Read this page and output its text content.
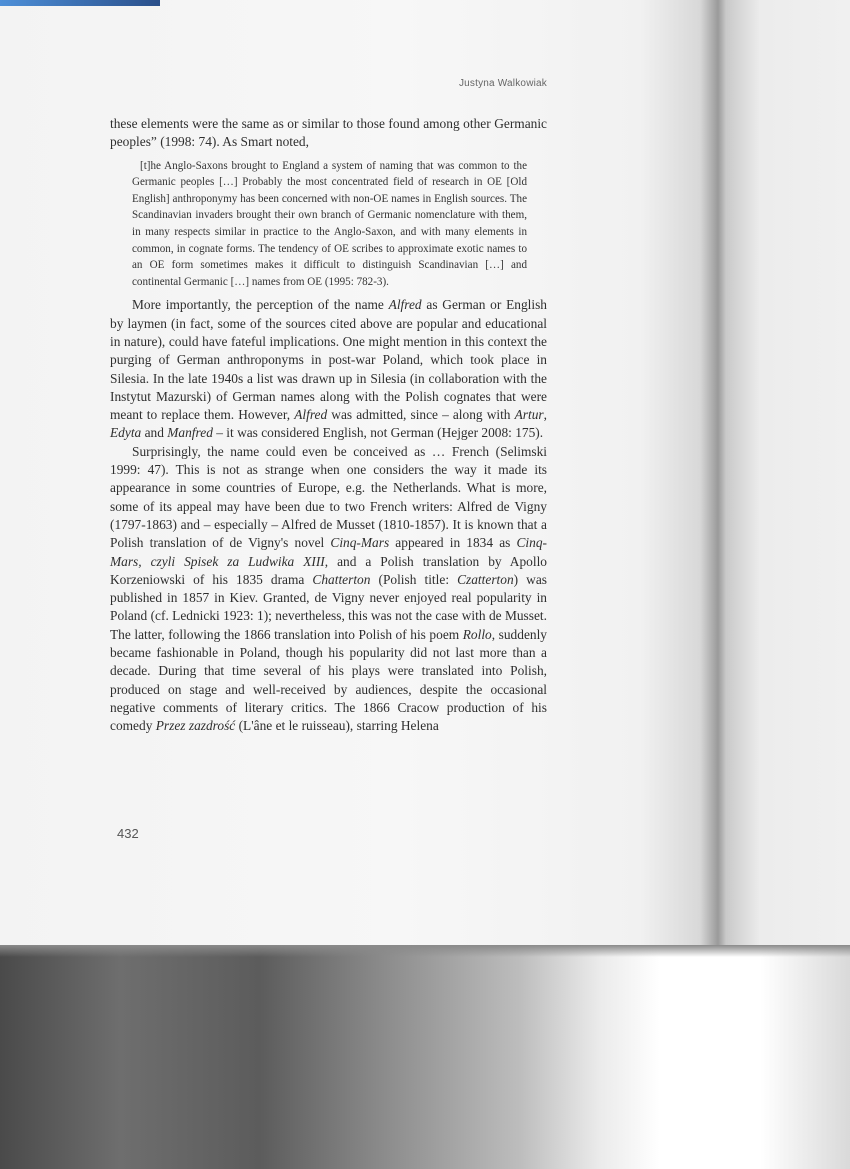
Justyna Walkowiak

these elements were the same as or similar to those found among other Germanic peoples” (1998: 74). As Smart noted,

[t]he Anglo-Saxons brought to England a system of naming that was common to the Germanic peoples […] Probably the most concentrated field of research in OE [Old English] anthroponymy has been concerned with non-OE names in English sources. The Scandinavian invaders brought their own branch of Germanic nomenclature with them, in many respects similar in practice to the Anglo-Saxon, and with many elements in common, in cognate forms. The tendency of OE scribes to approximate exotic names to an OE form sometimes makes it difficult to distinguish Scandinavian […] and continental Germanic […] names from OE (1995: 782-3).

More importantly, the perception of the name Alfred as German or English by laymen (in fact, some of the sources cited above are popular and educational in nature), could have fateful implications. One might mention in this context the purging of German anthroponyms in post-war Poland, which took place in Silesia. In the late 1940s a list was drawn up in Silesia (in collaboration with the Instytut Mazurski) of German names along with the Polish cognates that were meant to replace them. However, Alfred was admitted, since – along with Artur, Edyta and Manfred – it was considered English, not German (Hejger 2008: 175).

Surprisingly, the name could even be conceived as … French (Selimski 1999: 47). This is not as strange when one considers the way it made its appearance in some countries of Europe, e.g. the Netherlands. What is more, some of its appeal may have been due to two French writers: Alfred de Vigny (1797-1863) and – especially – Alfred de Musset (1810-1857). It is known that a Polish translation of de Vigny's novel Cinq-Mars appeared in 1834 as Cinq-Mars, czyli Spisek za Ludwika XIII, and a Polish translation by Apollo Korzeniowski of his 1835 drama Chatterton (Polish title: Czatterton) was published in 1857 in Kiev. Granted, de Vigny never enjoyed real popularity in Poland (cf. Lednicki 1923: 1); nevertheless, this was not the case with de Musset. The latter, following the 1866 translation into Polish of his poem Rollo, suddenly became fashionable in Poland, though his popularity did not last more than a decade. During that time several of his plays were translated into Polish, produced on stage and well-received by audiences, despite the occasional negative comments of literary critics. The 1866 Cracow production of his comedy Przez zazdrość (L'âne et le ruisseau), starring Helena

432
